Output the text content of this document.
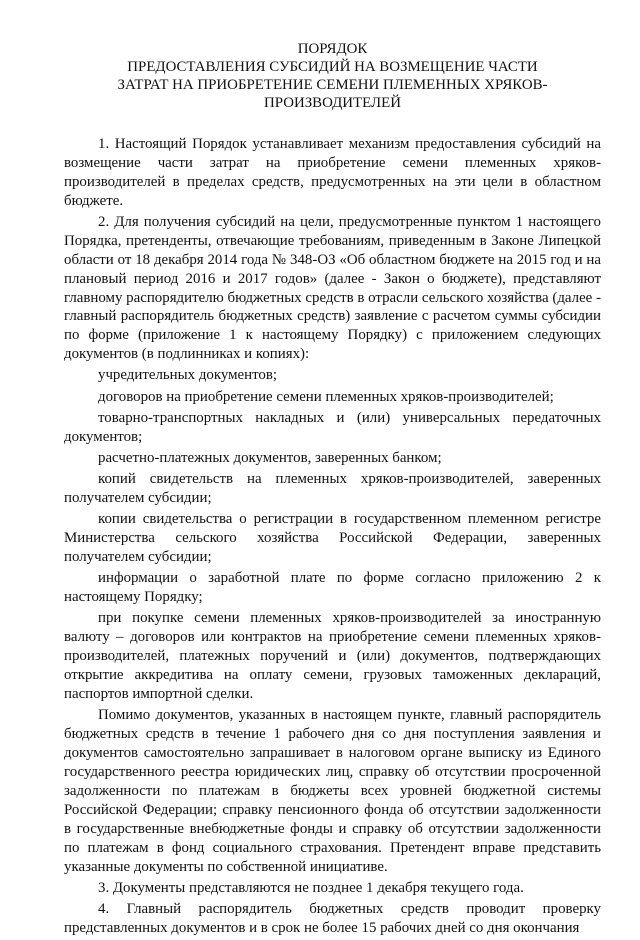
ПОРЯДОК
ПРЕДОСТАВЛЕНИЯ СУБСИДИЙ НА ВОЗМЕЩЕНИЕ ЧАСТИ
ЗАТРАТ НА ПРИОБРЕТЕНИЕ СЕМЕНИ ПЛЕМЕННЫХ ХРЯКОВ-
ПРОИЗВОДИТЕЛЕЙ

1. Настоящий Порядок устанавливает механизм предоставления субсидий на возмещение части затрат на приобретение семени племенных хряков-производителей в пределах средств, предусмотренных на эти цели в областном бюджете.

2. Для получения субсидий на цели, предусмотренные пунктом 1 настоящего Порядка, претенденты, отвечающие требованиям, приведенным в Законе Липецкой области от 18 декабря 2014 года № 348-ОЗ «Об областном бюджете на 2015 год и на плановый период 2016 и 2017 годов» (далее - Закон о бюджете), представляют главному распорядителю бюджетных средств в отрасли сельского хозяйства (далее - главный распорядитель бюджетных средств) заявление с расчетом суммы субсидии по форме (приложение 1 к настоящему Порядку) с приложением следующих документов (в подлинниках и копиях):

учредительных документов;

договоров на приобретение семени племенных хряков-производителей;

товарно-транспортных накладных и (или) универсальных передаточных документов;

расчетно-платежных документов, заверенных банком;

копий свидетельств на племенных хряков-производителей, заверенных получателем субсидии;

копии свидетельства о регистрации в государственном племенном регистре Министерства сельского хозяйства Российской Федерации, заверенных получателем субсидии;

информации о заработной плате по форме согласно приложению 2 к настоящему Порядку;

при покупке семени племенных хряков-производителей за иностранную валюту – договоров или контрактов на приобретение семени племенных хряков-производителей, платежных поручений и (или) документов, подтверждающих открытие аккредитива на оплату семени, грузовых таможенных деклараций, паспортов импортной сделки.

Помимо документов, указанных в настоящем пункте, главный распорядитель бюджетных средств в течение 1 рабочего дня со дня поступления заявления и документов самостоятельно запрашивает в налоговом органе выписку из Единого государственного реестра юридических лиц, справку об отсутствии просроченной задолженности по платежам в бюджеты всех уровней бюджетной системы Российской Федерации; справку пенсионного фонда об отсутствии задолженности в государственные внебюджетные фонды и справку об отсутствии задолженности по платежам в фонд социального страхования. Претендент вправе представить указанные документы по собственной инициативе.

3. Документы представляются не позднее 1 декабря текущего года.

4. Главный распорядитель бюджетных средств проводит проверку представленных документов и в срок не более 15 рабочих дней со дня окончания
